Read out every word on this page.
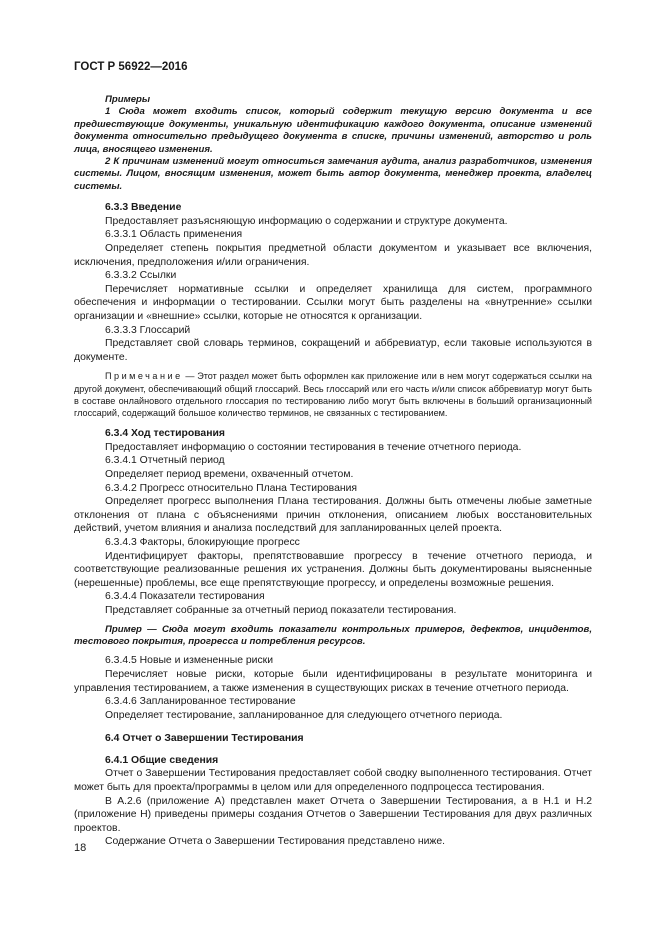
ГОСТ Р 56922—2016

Примеры

1 Сюда может входить список, который содержит текущую версию документа и все предшествующие документы, уникальную идентификацию каждого документа, описание изменений документа относительно предыдущего документа в списке, причины изменений, авторство и роль лица, вносящего изменения.

2 К причинам изменений могут относиться замечания аудита, анализ разработчиков, изменения системы. Лицом, вносящим изменения, может быть автор документа, менеджер проекта, владелец системы.

6.3.3 Введение

Предоставляет разъясняющую информацию о содержании и структуре документа.

6.3.3.1 Область применения

Определяет степень покрытия предметной области документом и указывает все включения, исключения, предположения и/или ограничения.

6.3.3.2 Ссылки

Перечисляет нормативные ссылки и определяет хранилища для систем, программного обеспечения и информации о тестировании. Ссылки могут быть разделены на «внутренние» ссылки организации и «внешние» ссылки, которые не относятся к организации.

6.3.3.3 Глоссарий

Представляет свой словарь терминов, сокращений и аббревиатур, если таковые используются в документе.

Примечание — Этот раздел может быть оформлен как приложение или в нем могут содержаться ссылки на другой документ, обеспечивающий общий глоссарий. Весь глоссарий или его часть и/или список аббревиатур могут быть в составе онлайнового отдельного глоссария по тестированию либо могут быть включены в больший организационный глоссарий, содержащий большое количество терминов, не связанных с тестированием.

6.3.4 Ход тестирования

Предоставляет информацию о состоянии тестирования в течение отчетного периода.

6.3.4.1 Отчетный период

Определяет период времени, охваченный отчетом.

6.3.4.2 Прогресс относительно Плана Тестирования

Определяет прогресс выполнения Плана тестирования. Должны быть отмечены любые заметные отклонения от плана с объяснениями причин отклонения, описанием любых восстановительных действий, учетом влияния и анализа последствий для запланированных целей проекта.

6.3.4.3 Факторы, блокирующие прогресс

Идентифицирует факторы, препятствовавшие прогрессу в течение отчетного периода, и соответствующие реализованные решения их устранения. Должны быть документированы выясненные (нерешенные) проблемы, все еще препятствующие прогрессу, и определены возможные решения.

6.3.4.4 Показатели тестирования

Представляет собранные за отчетный период показатели тестирования.

Пример — Сюда могут входить показатели контрольных примеров, дефектов, инцидентов, тестового покрытия, прогресса и потребления ресурсов.

6.3.4.5 Новые и измененные риски

Перечисляет новые риски, которые были идентифицированы в результате мониторинга и управления тестированием, а также изменения в существующих рисках в течение отчетного периода.

6.3.4.6 Запланированное тестирование

Определяет тестирование, запланированное для следующего отчетного периода.

6.4 Отчет о Завершении Тестирования

6.4.1 Общие сведения

Отчет о Завершении Тестирования предоставляет собой сводку выполненного тестирования. Отчет может быть для проекта/программы в целом или для определенного подпроцесса тестирования.

В А.2.6 (приложение А) представлен макет Отчета о Завершении Тестирования, а в Н.1 и Н.2 (приложение Н) приведены примеры создания Отчетов о Завершении Тестирования для двух различных проектов.

Содержание Отчета о Завершении Тестирования представлено ниже.

18
